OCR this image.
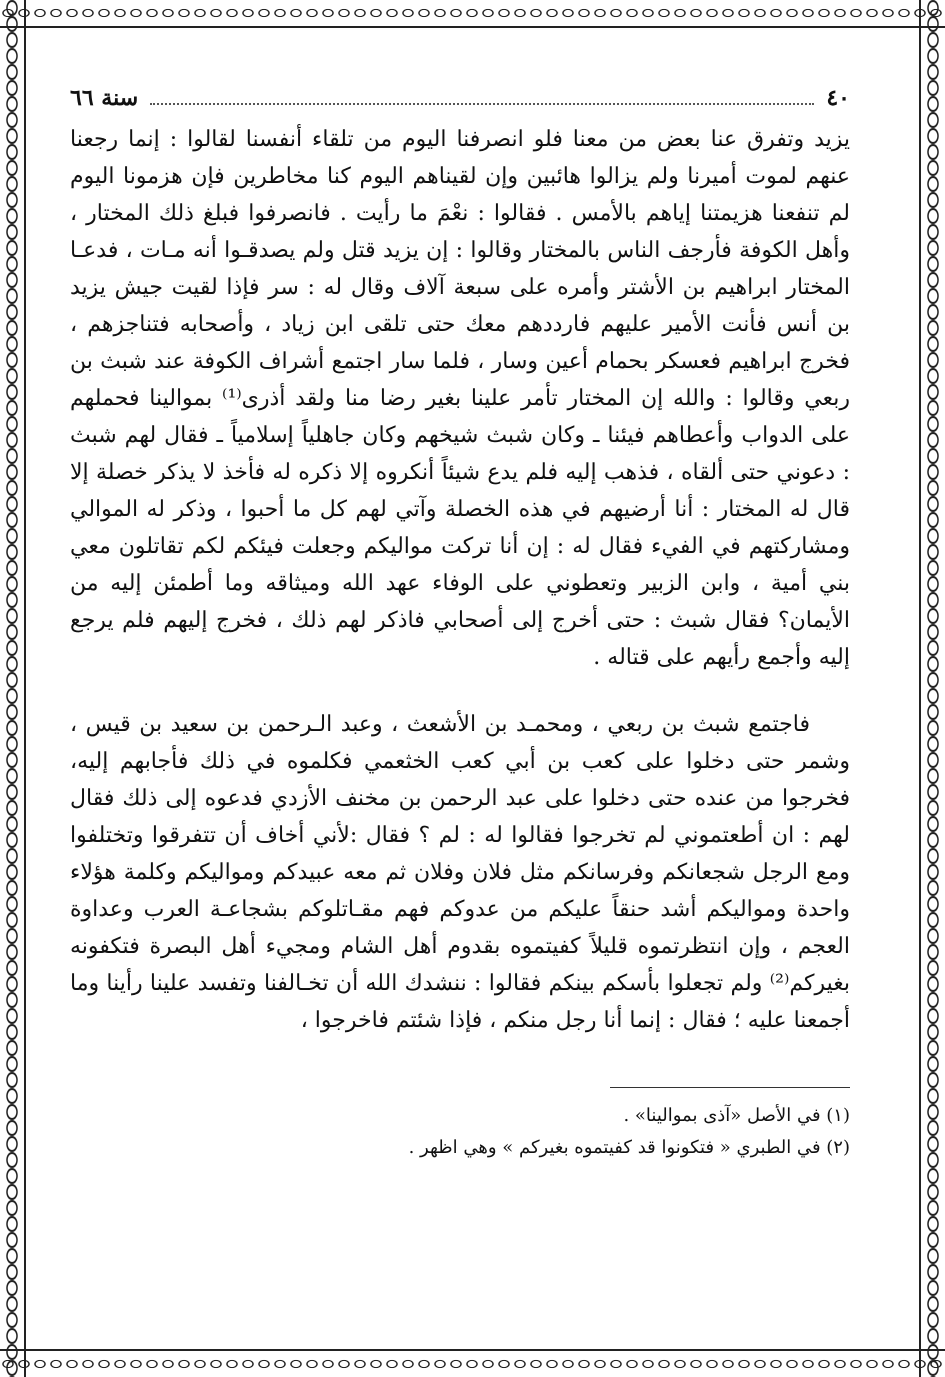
٤٠
سنة ٦٦

يزيد وتفرق عنا بعض من معنا فلو انصرفنا اليوم من تلقاء أنفسنا لقالوا : إنما رجعنا عنهم لموت أميرنا ولم يزالوا هائبين وإن لقيناهم اليوم كنا مخاطرين فإن هزمونا اليوم لم تنفعنا هزيمتنا إياهم بالأمس . فقالوا : نعْمَ ما رأيت . فانصرفوا فبلغ ذلك المختار ، وأهل الكوفة فأرجف الناس بالمختار وقالوا : إن يزيد قتل ولم يصدقـوا أنه مـات ، فدعـا المختار ابراهيم بن الأشتر وأمره على سبعة آلاف وقال له : سر فإذا لقيت جيش يزيد بن أنس فأنت الأمير عليهم فارددهم معك حتى تلقى ابن زياد ، وأصحابه فتناجزهم ، فخرج ابراهيم فعسكر بحمام أعين وسار ، فلما سار اجتمع أشراف الكوفة عند شبث بن ربعي وقالوا : والله إن المختار تأمر علينا بغير رضا منا ولقد أذرى⁽¹⁾ بموالينا فحملهم على الدواب وأعطاهم فيئنا ـ وكان شبث شيخهم وكان جاهلياً إسلامياً ـ فقال لهم شبث : دعوني حتى ألقاه ، فذهب إليه فلم يدع شيئاً أنكروه إلا ذكره له فأخذ لا يذكر خصلة إلا قال له المختار : أنا أرضيهم في هذه الخصلة وآتي لهم كل ما أحبوا ، وذكر له الموالي ومشاركتهم في الفيء فقال له : إن أنا تركت مواليكم وجعلت فيئكم لكم تقاتلون معي بني أمية ، وابن الزبير وتعطوني على الوفاء عهد الله وميثاقه وما أطمئن إليه من الأيمان؟ فقال شبث : حتى أخرج إلى أصحابي فاذكر لهم ذلك ، فخرج إليهم فلم يرجع إليه وأجمع رأيهم على قتاله .

فاجتمع شبث بن ربعي ، ومحمـد بن الأشعث ، وعبد الـرحمن بن سعيد بن قيس ، وشمر حتى دخلوا على كعب بن أبي كعب الخثعمي فكلموه في ذلك فأجابهم إليه، فخرجوا من عنده حتى دخلوا على عبد الرحمن بن مخنف الأزدي فدعوه إلى ذلك فقال لهم : ان أطعتموني لم تخرجوا فقالوا له : لم ؟ فقال :لأني أخاف أن تتفرقوا وتختلفوا ومع الرجل شجعانكم وفرسانكم مثل فلان وفلان ثم معه عبيدكم ومواليكم وكلمة هؤلاء واحدة ومواليكم أشد حنقاً عليكم من عدوكم فهم مقـاتلوكم بشجاعـة العرب وعداوة العجم ، وإن انتظرتموه قليلاً كفيتموه بقدوم أهل الشام ومجيء أهل البصرة فتكفونه بغيركم⁽²⁾ ولم تجعلوا بأسكم بينكم فقالوا : ننشدك الله أن تخـالفنا وتفسد علينا رأينا وما أجمعنا عليه ؛ فقال : إنما أنا رجل منكم ، فإذا شئتم فاخرجوا ،

(١) في الأصل «آذى بموالينا» .

(٢) في الطبري « فتكونوا قد كفيتموه بغيركم » وهي اظهر .
